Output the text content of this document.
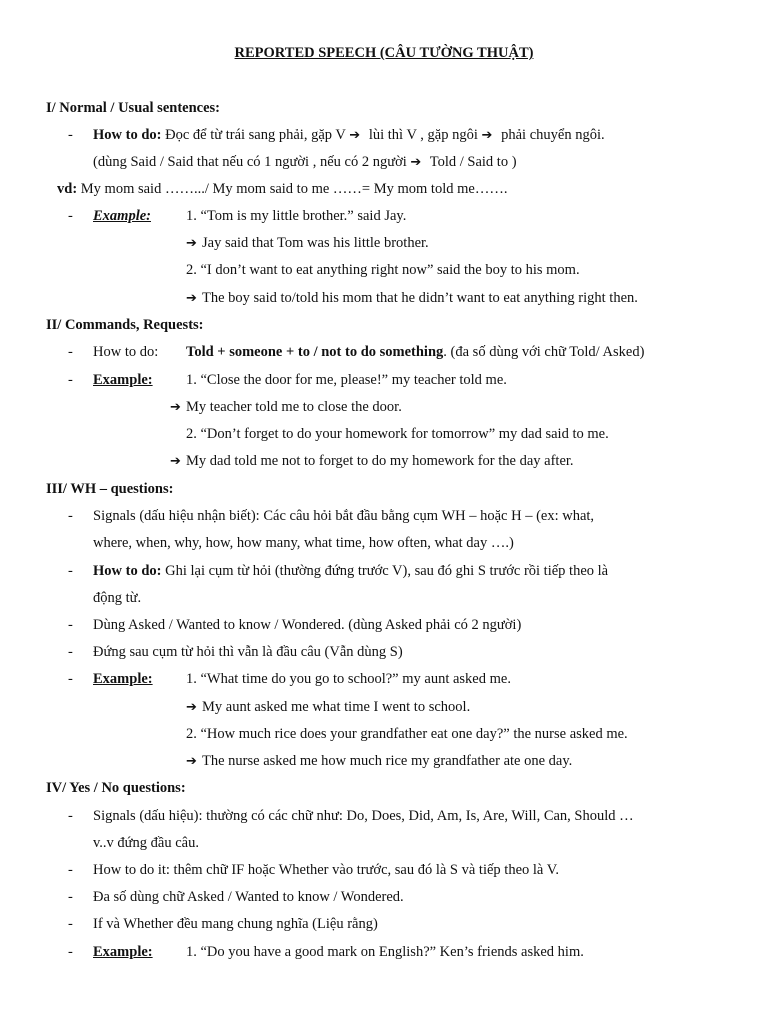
REPORTED SPEECH (CÂU TƯỜNG THUẬT)
I/ Normal / Usual sentences:
- How to do: Đọc để từ trái sang phải, gặp V ➔ lùi thì V , gặp ngôi ➔ phải chuyển ngôi.
(dùng Said / Said that nếu có 1 người , nếu có 2 người ➔ Told / Said to )
vd: My mom said …….../ My mom said to me ……= My mom told me…….
- Example: 1. “Tom is my little brother.” said Jay.
➔ Jay said that Tom was his little brother.
2. “I don’t want to eat anything right now” said the boy to his mom.
➔ The boy said to/told his mom that he didn’t want to eat anything right then.
II/ Commands, Requests:
- How to do: Told + someone + to / not to do something. (đa số dùng với chữ Told/ Asked)
- Example: 1. “Close the door for me, please!” my teacher told me.
➔ My teacher told me to close the door.
2. “Don’t forget to do your homework for tomorrow” my dad said to me.
➔ My dad told me not to forget to do my homework for the day after.
III/ WH – questions:
- Signals (dấu hiệu nhận biết): Các câu hỏi bắt đầu bằng cụm WH – hoặc H – (ex: what,
where, when, why, how, how many, what time, how often, what day ….)
- How to do: Ghi lại cụm từ hỏi (thường đứng trước V), sau đó ghi S trước rồi tiếp theo là
động từ.
- Dùng Asked / Wanted to know / Wondered. (dùng Asked phải có 2 người)
- Đứng sau cụm từ hỏi thì vẫn là đầu câu (Vẫn dùng S)
- Example: 1. “What time do you go to school?” my aunt asked me.
➔ My aunt asked me what time I went to school.
2. “How much rice does your grandfather eat one day?” the nurse asked me.
➔ The nurse asked me how much rice my grandfather ate one day.
IV/ Yes / No questions:
- Signals (dấu hiệu): thường có các chữ như: Do, Does, Did, Am, Is, Are, Will, Can, Should …
v..v đứng đầu câu.
- How to do it: thêm chữ IF hoặc Whether vào trước, sau đó là S và tiếp theo là V.
- Đa số dùng chữ Asked / Wanted to know / Wondered.
- If và Whether đều mang chung nghĩa (Liệu rằng)
- Example: 1. “Do you have a good mark on English?” Ken’s friends asked him.
